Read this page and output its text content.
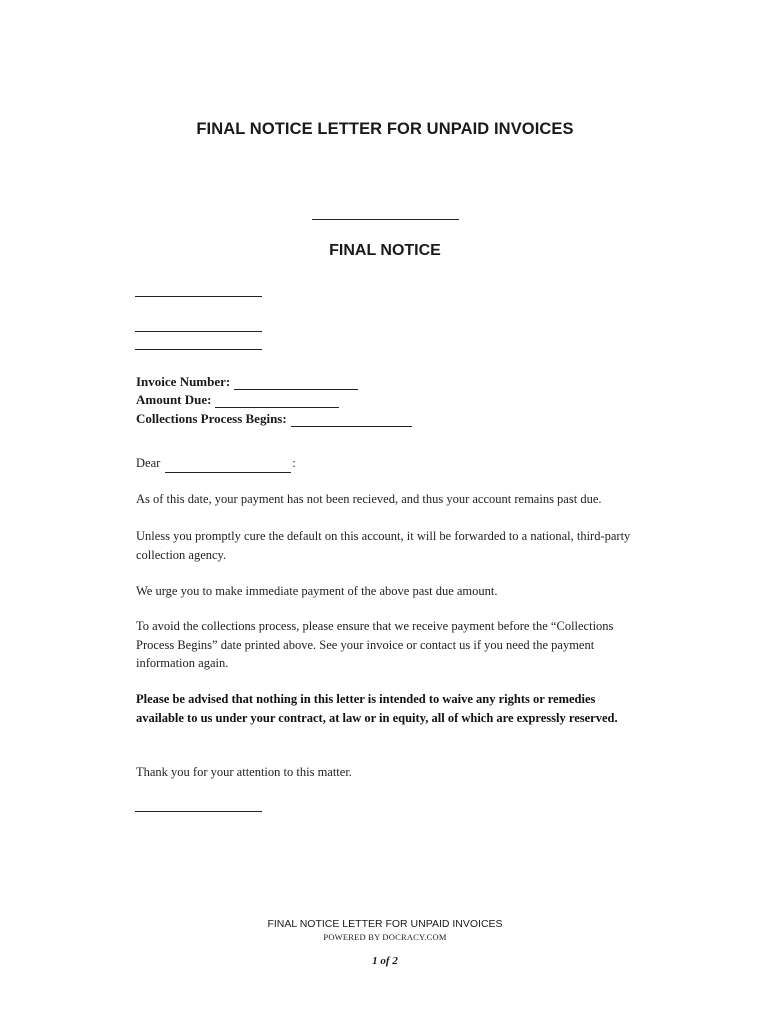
FINAL NOTICE LETTER FOR UNPAID INVOICES
FINAL NOTICE
Invoice Number:
Amount Due:
Collections Process Begins:
Dear	:
As of this date, your payment has not been recieved, and thus your account remains past due.
Unless you promptly cure the default on this account, it will be forwarded to a national, third-party collection agency.
We urge you to make immediate payment of the above past due amount.
To avoid the collections process, please ensure that we receive payment before the “Collections Process Begins” date printed above. See your invoice or contact us if you need the payment information again.
Please be advised that nothing in this letter is intended to waive any rights or remedies available to us under your contract, at law or in equity, all of which are expressly reserved.
Thank you for your attention to this matter.
FINAL NOTICE LETTER FOR UNPAID INVOICES
POWERED BY DOCRACY.COM
1 of 2
